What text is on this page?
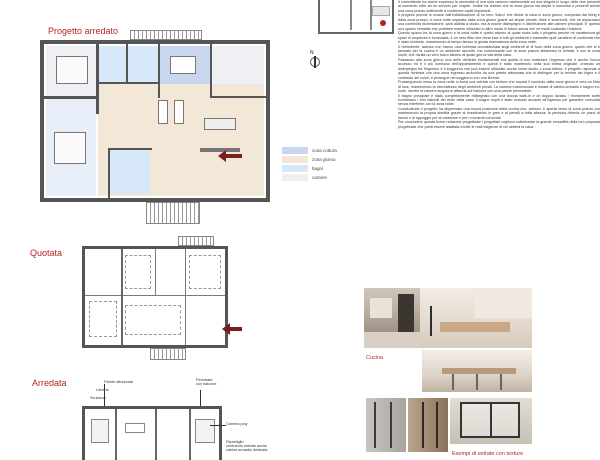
Progetto arredato
zona cottura
zona giorno
bagni
camere
N
Quotata
Arredata	Parete attrezzata
Libreria
Scrivania
Permeate
con balcone
Camera poly
Ripostiglio
centrando entrata anche
cabina armadio dedicata
Cucina
Esempi di vetrate con texture

Il committente ha anche espresso la necessità di una sola camera matrimoniale ed una singola in luogo delle due presenti al momento oltre ad un servizio per l'ospite. Inoltre ha chiesto che la zona giorno sia ampia e luminosa e presenti anche una zona pranzo sufficiente a contenere ospiti importanti.

Il progetto prende le mosse dall'individuazione di un vero 'fulcro' che divide la casa in zona giorno, composta dal living e dalla zona pranzo, e zona notte separata dalla zona giorno grazie ad ampie vetrate, fisse e scorrevoli, che ne assicurano una continuità illuminazione, sarà adibita a studio, ma al anche disimpegno e distribuzione alle camere principali. E' questo uno spazio versatile che potrebbe essere utilizzato in altro modo in futuro senza che ne risulti snaturato l'insieme.

Questo spazio tra la zona giorno e la zona notte è quello attorno al quale ruota tutto il progetto perché ne caratterizza gli spazi di ampiezza e luminosità, è un vero filtro che dona luce a tutti gli ambienti e trasmette quel carattere di continuità che è stato richiesto, mantenendo al tempo stesso la giusta riservatezza della zona notte.

Il richiedente, adesso non hanno una richiesta circostanziata sugli ambienti al di fuori della zona giorno, quello che si è pensato per la cucina è un ambiente raccolto, ma comunicante con la zona pranzo attraverso la vetrata, e con la zona ospiti, che risulta un vero fulcro attorno al quale gira la vita della casa.

Passando alla zona giorno una delle richieste fondamentali era quella di non snaturare l'ingresso che è anche l'unico accesso ed è il più luminoso dell'appartamento e quindi è stato mantenuto nella sua forma originale, creando un disimpegno tra l'ingresso e il soggiorno che può essere utilizzato anche come studio o zona lettura. Il progetto risponde a questa richiesta con una zona ingresso arricchita da una parete attrezzata che si distingue per la texture del legno e il contrasto dei colori, e prosegue nel soggiorno con una libreria.

Prosseguendo verso la zona notte si trova una vetrata con texture che separa il corridoio dalla zona giorno e crea un filtro di luce, mantenendo la riservatezza degli ambienti privati. La camera matrimoniale è dotata di cabina armadio e bagno en-suite, mentre la camera singola si affaccia sul balcone con una parete permeabile.

Il bagno principale è stato completamente ridisegnato con una doccia walk-in e un doppio lavabo, i rivestimenti scelti richiamano i toni naturali del resto della casa. Il bagno ospiti è stato ricavato accanto all'ingresso per garantire comodità senza interferire con la zona notte.

Concludendo il progetto ha dispensato una nuova posizione della cucina che, adesso, è aperta verso la zona pranzo pur mantenendo la propria identità grazie al rivestimento in gres e ai pensili a tutta altezza; la penisola diventa un piano di lavoro e di appoggio per la colazione e per i momenti conviviali.

Per concludere questa breve relazione progettuale i progettisti vogliono sottolineare la grande versatilità della loro proposta progettuale che potrà essere adattata a tutte le reali esigenze di chi abiterà la casa.
